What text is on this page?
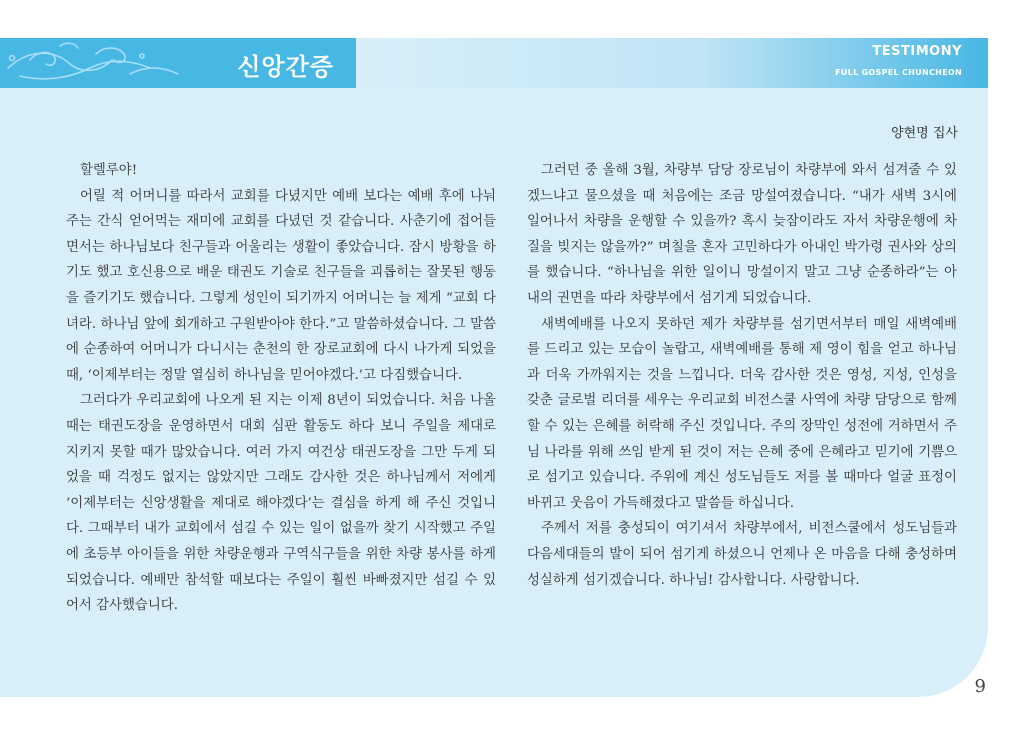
신앙간증
TESTIMONY
FULL GOSPEL CHUNCHEON
양현명 집사

할렐루야!

어릴 적 어머니를 따라서 교회를 다녔지만 예배 보다는 예배 후에 나눠주는 간식 얻어먹는 재미에 교회를 다녔던 것 같습니다. 사춘기에 접어들면서는 하나님보다 친구들과 어울리는 생활이 좋았습니다. 잠시 방황을 하기도 했고 호신용으로 배운 태권도 기술로 친구들을 괴롭히는 잘못된 행동을 즐기기도 했습니다. 그렇게 성인이 되기까지 어머니는 늘 제게 “교회 다녀라. 하나님 앞에 회개하고 구원받아야 한다.”고 말씀하셨습니다. 그 말씀에 순종하여 어머니가 다니시는 춘천의 한 장로교회에 다시 나가게 되었을 때, ‘이제부터는 정말 열심히 하나님을 믿어야겠다.’고 다짐했습니다.

그러다가 우리교회에 나오게 된 지는 이제 8년이 되었습니다. 처음 나올 때는 태권도장을 운영하면서 대회 심판 활동도 하다 보니 주일을 제대로 지키지 못할 때가 많았습니다. 여러 가지 여건상 태권도장을 그만 두게 되었을 때 걱정도 없지는 않았지만 그래도 감사한 것은 하나님께서 저에게 ‘이제부터는 신앙생활을 제대로 해야겠다’는 결심을 하게 해 주신 것입니다. 그때부터 내가 교회에서 섬길 수 있는 일이 없을까 찾기 시작했고 주일에 초등부 아이들을 위한 차량운행과 구역식구들을 위한 차량 봉사를 하게 되었습니다. 예배만 참석할 때보다는 주일이 훨씬 바빠졌지만 섬길 수 있어서 감사했습니다.

그러던 중 올해 3월, 차량부 담당 장로님이 차량부에 와서 섬겨줄 수 있겠느냐고 물으셨을 때 처음에는 조금 망설여졌습니다. “내가 새벽 3시에 일어나서 차량을 운행할 수 있을까? 혹시 늦잠이라도 자서 차량운행에 차질을 빚지는 않을까?” 며칠을 혼자 고민하다가 아내인 박가령 권사와 상의를 했습니다. “하나님을 위한 일이니 망설이지 말고 그냥 순종하라”는 아내의 권면을 따라 차량부에서 섬기게 되었습니다.

새벽예배를 나오지 못하던 제가 차량부를 섬기면서부터 매일 새벽예배를 드리고 있는 모습이 놀랍고, 새벽예배를 통해 제 영이 힘을 얻고 하나님과 더욱 가까워지는 것을 느낍니다. 더욱 감사한 것은 영성, 지성, 인성을 갖춘 글로벌 리더를 세우는 우리교회 비전스쿨 사역에 차량 담당으로 함께 할 수 있는 은혜를 허락해 주신 것입니다. 주의 장막인 성전에 거하면서 주님 나라를 위해 쓰임 받게 된 것이 저는 은혜 중에 은혜라고 믿기에 기쁨으로 섬기고 있습니다. 주위에 계신 성도님들도 저를 볼 때마다 얼굴 표정이 바뀌고 웃음이 가득해졌다고 말씀들 하십니다.

주께서 저를 충성되이 여기셔서 차량부에서, 비전스쿨에서 성도님들과 다음세대들의 발이 되어 섬기게 하셨으니 언제나 온 마음을 다해 충성하며 성실하게 섬기겠습니다. 하나님! 감사합니다. 사랑합니다.

9
